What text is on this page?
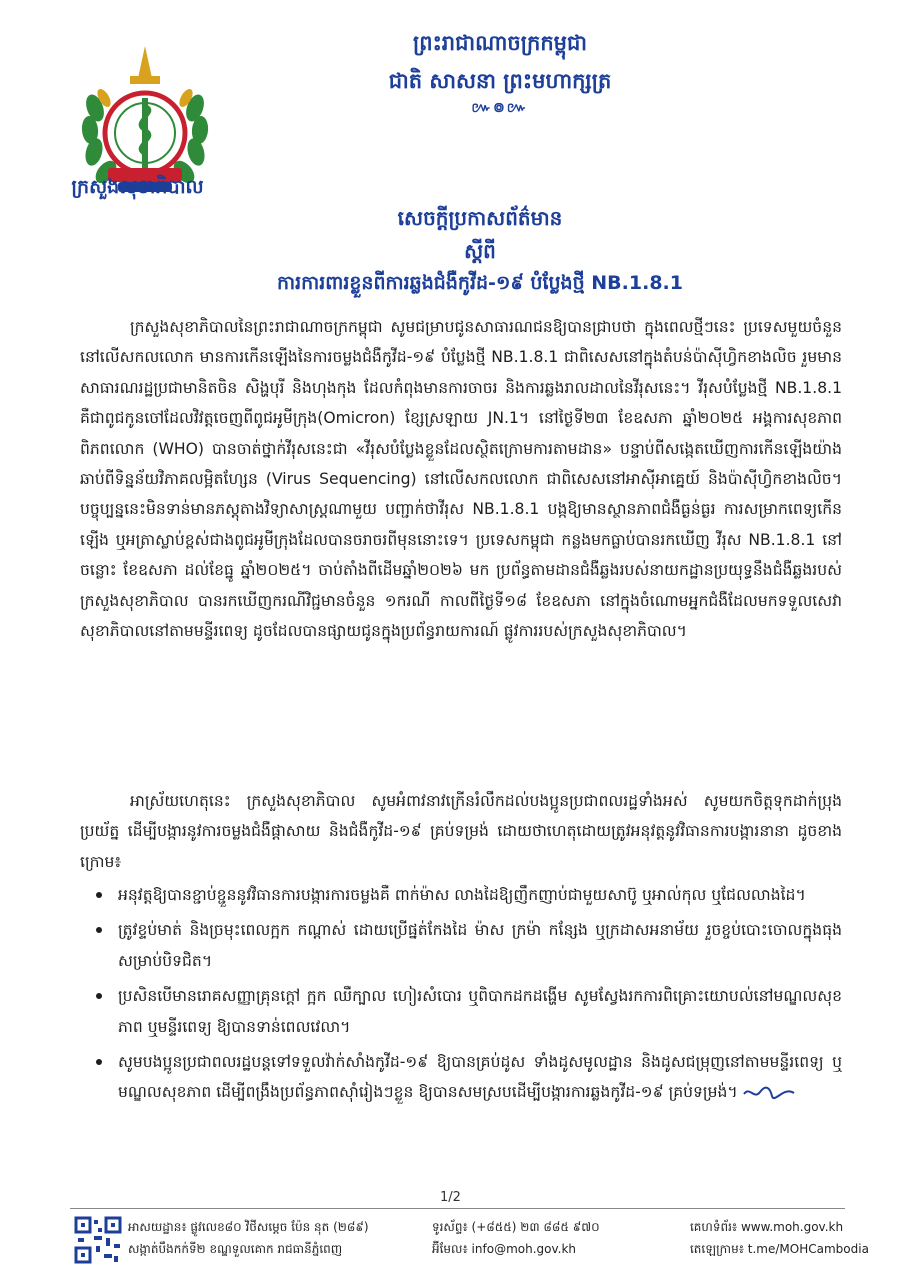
ក្រសួងសុខាភិបាល
ព្រះរាជាណាចក្រកម្ពុជា
ជាតិ សាសនា ព្រះមហាក្សត្រ
៚៙៚
សេចក្តីប្រកាសព័ត៌មាន
ស្តីពី
ការការពារខ្លួនពីការឆ្លងជំងឺកូវីដ-១៩ បំប្លែងថ្មី NB.1.8.1
ក្រសួងសុខាភិបាលនៃព្រះរាជាណាចក្រកម្ពុជា សូមជម្រាបជូនសាធារណជនឱ្យបានជ្រាបថា ក្នុងពេលថ្មីៗនេះ ប្រទេសមួយចំនួននៅលើសកលលោក មានការកើនឡើងនៃការចម្លងជំងឺកូវីដ-១៩ បំប្លែងថ្មី NB.1.8.1 ជាពិសេសនៅក្នុងតំបន់ប៉ាស៊ីហ្វិកខាងលិច រួមមាន សាធារណរដ្ឋប្រជាមានិតចិន សិង្ហបុរី និងហុងកុង ដែលកំពុងមានការចាចរ និងការឆ្លងរាលដាលនៃវីរុសនេះ។ វីរុសបំប្លែងថ្មី NB.1.8.1 គឺជាពូជកូនចៅដែលវិវត្តចេញពីពូជអូមីក្រុង(Omicron) ខ្សែស្រឡាយ JN.1។ នៅថ្ងៃទី២៣ ខែឧសភា ឆ្នាំ២០២៥ អង្គការសុខភាពពិភពលោក (WHO) បានចាត់ថ្នាក់វីរុសនេះជា «វីរុសបំប្លែងខ្លួនដែលស្ថិតក្រោមការតាមដាន» បន្ទាប់ពីសង្កេតឃើញការកើនឡើងយ៉ាងឆាប់ពីទិន្នន័យវិភាគលម្អិតហ្សែន (Virus Sequencing) នៅលើសកលលោក ជាពិសេសនៅអាស៊ីអាគ្នេយ៍ និងប៉ាស៊ីហ្វិកខាងលិច។ បច្ចុប្បន្ននេះមិនទាន់មានភស្តុតាងវិទ្យាសាស្ត្រណាមួយ បញ្ជាក់ថាវីរុស NB.1.8.1 បង្កឱ្យមានស្ថានភាពជំងឺធ្ងន់ធ្ងរ ការសម្រាកពេទ្យកើនឡើង ឬអត្រាស្លាប់ខ្ពស់ជាងពូជអូមីក្រុងដែលបានចរាចរពីមុននោះទេ។ ប្រទេសកម្ពុជា កន្លងមកធ្លាប់បានរកឃើញ វីរុស NB.1.8.1 នៅចន្លោះ ខែឧសភា ដល់ខែធ្នូ ឆ្នាំ២០២៥។ ចាប់តាំងពីដើមឆ្នាំ២០២៦ មក ប្រព័ន្ធតាមដានជំងឺឆ្លងរបស់នាយកដ្ឋានប្រយុទ្ធនឹងជំងឺឆ្លងរបស់ក្រសួងសុខាភិបាល បានរកឃើញករណីវិជ្ជមានចំនួន ១ករណី កាលពីថ្ងៃទី១៨ ខែឧសភា នៅក្នុងចំណោមអ្នកជំងឺដែលមកទទួលសេវាសុខាភិបាលនៅតាមមន្ទីរពេទ្យ ដូចដែលបានផ្សាយជូនក្នុងប្រព័ន្ធរាយការណ៍ ផ្លូវការរបស់ក្រសួងសុខាភិបាល។
អាស្រ័យហេតុនេះ ក្រសួងសុខាភិបាល សូមអំពាវនាវក្រើនរំលឹកដល់បងប្អូនប្រជាពលរដ្ឋទាំងអស់ សូមយកចិត្តទុកដាក់ប្រុងប្រយ័ត្ន ដើម្បីបង្ការនូវការចម្លងជំងឺផ្តាសាយ និងជំងឺកូវីដ-១៩ គ្រប់ទម្រង់ ដោយថាហេតុដោយត្រូវអនុវត្តនូវវិធានការបង្ការនានា ដូចខាងក្រោម៖
អនុវត្តឱ្យបានខ្ជាប់ខ្ជួននូវវិធានការបង្ការការចម្លងគឺ ពាក់ម៉ាស លាងដៃឱ្យញឹកញាប់ជាមួយសាប៊ូ ឬអាល់កុល ឬជែលលាងដៃ។
ត្រូវខ្ទប់មាត់ និងច្រមុះពេលក្អក កណ្តាស់ ដោយប្រើផ្នត់កែងដៃ ម៉ាស ក្រម៉ា កន្សែង ឬក្រដាសអនាម័យ រួចខ្ចប់បោះចោលក្នុងធុងសម្រាប់បិទជិត។
ប្រសិនបើមានរោគសញ្ញាគ្រុនក្តៅ ក្អក ឈឺក្បាល ហៀរសំបោរ ឬពិបាកដកដង្ហើម សូមស្វែងរកការពិគ្រោះយោបល់នៅមណ្ឌលសុខភាព ឬមន្ទីរពេទ្យ ឱ្យបានទាន់ពេលវេលា។
សូមបងប្អូនប្រជាពលរដ្ឋបន្តទៅទទួលវ៉ាក់សាំងកូវីដ-១៩ ឱ្យបានគ្រប់ដូស ទាំងដូសមូលដ្ឋាន និងដូសជម្រុញនៅតាមមន្ទីរពេទ្យ ឬមណ្ឌលសុខភាព ដើម្បីពង្រឹងប្រព័ន្ធភាពស៊ាំរៀងៗខ្លួន ឱ្យបានសមស្របដើម្បីបង្ការការឆ្លងកូវីដ-១៩ គ្រប់ទម្រង់។
1/2
អាសយដ្ឋាន៖ ផ្លូវលេខ៨០ វិថីសម្តេច ប៉ែន នុត (២៨៩)
សង្កាត់បឹងកក់ទី២ ខណ្ឌទួលគោក រាជធានីភ្នំពេញ
ទូរស័ព្ទ៖ (+៨៥៥) ២៣ ៨៨៥ ៩៧០
អ៊ីមែល៖ info@moh.gov.kh
គេហទំព័រ៖ www.moh.gov.kh
តេឡេក្រាម៖ t.me/MOHCambodia
